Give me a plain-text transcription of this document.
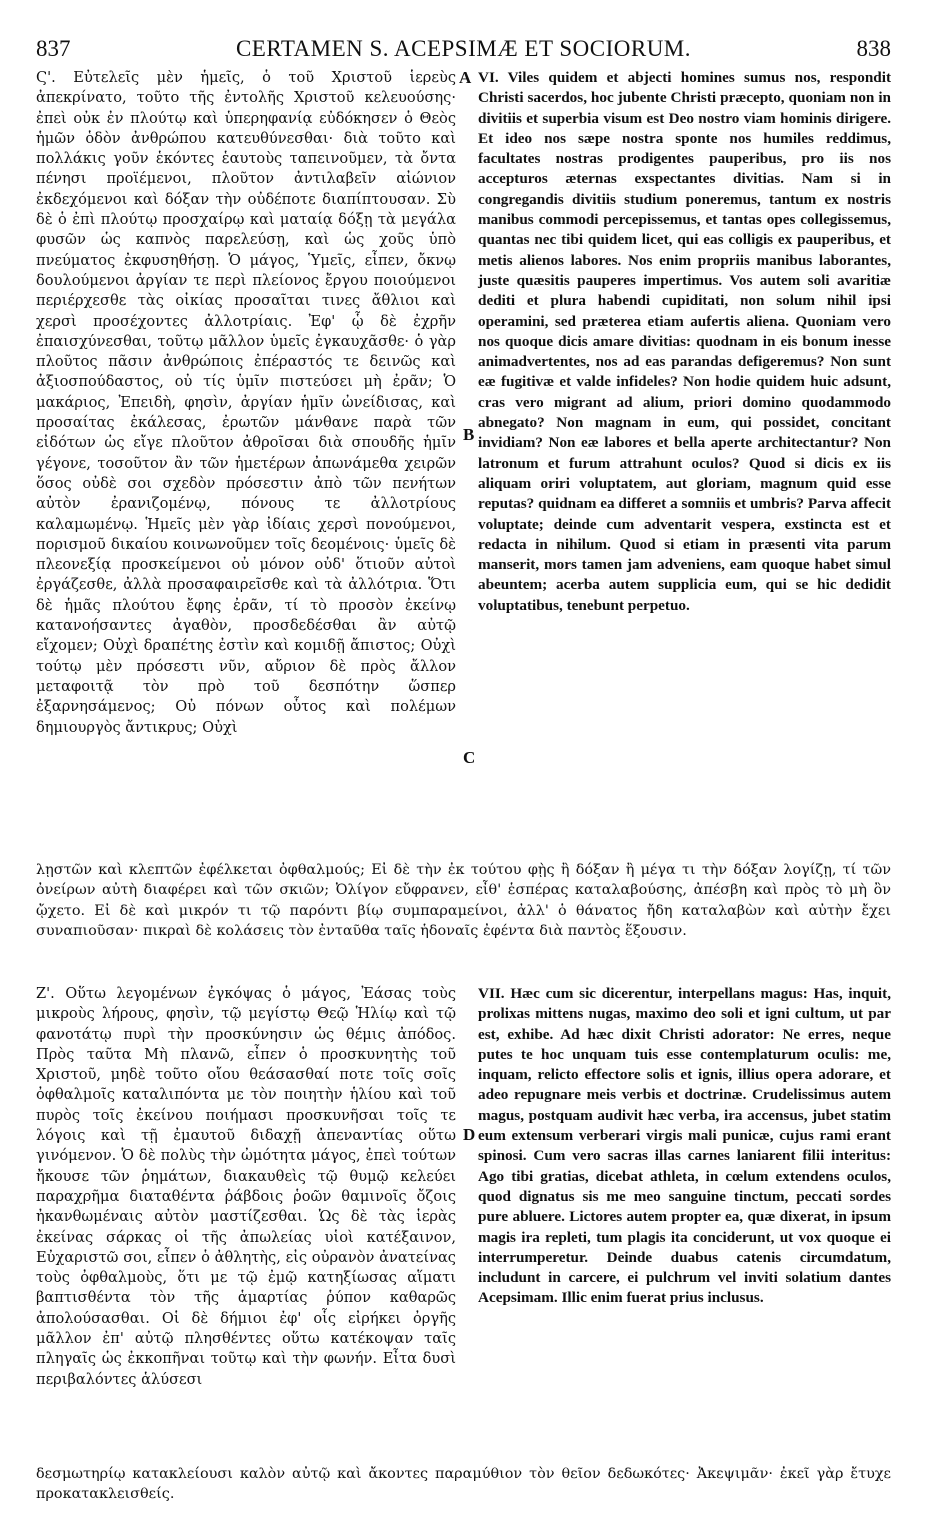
837	CERTAMEN S. ACEPSIMÆ ET SOCIORUM.	838

Ϛ'. Εὐτελεῖς μὲν ἡμεῖς, ὁ τοῦ Χριστοῦ ἱερεὺς ἀπεκρίνατο, τοῦτο τῆς ἐντολῆς Χριστοῦ κελευούσης· ἐπεὶ οὐκ ἐν πλούτῳ καὶ ὑπερηφανίᾳ εὐδόκησεν ὁ Θεὸς ἡμῶν ὁδὸν ἀνθρώπου κατευθύνεσθαι· διὰ τοῦτο καὶ πολλάκις γοῦν ἑκόντες ἑαυτοὺς ταπεινοῦμεν, τὰ ὄντα πένησι προϊέμενοι, πλοῦτον ἀντιλαβεῖν αἰώνιον ἐκδεχόμενοι καὶ δόξαν τὴν οὐδέποτε διαπίπτουσαν. Σὺ δὲ ὁ ἐπὶ πλούτῳ προσχαίρῳ καὶ ματαίᾳ δόξῃ τὰ μεγάλα φυσῶν ὡς καπνὸς παρελεύσῃ, καὶ ὡς χοῦς ὑπὸ πνεύματος ἐκφυσηθήσῃ. Ὁ μάγος, Ὑμεῖς, εἶπεν, ὄκνῳ δουλούμενοι ἀργίαν τε περὶ πλείονος ἔργου ποιούμενοι περιέρχεσθε τὰς οἰκίας προσαῖται τινες ἄθλιοι καὶ χερσὶ προσέχοντες ἀλλοτρίαις. Ἐφ' ᾧ δὲ ἐχρῆν ἐπαισχύνεσθαι, τοῦτῳ μᾶλλον ὑμεῖς ἐγκαυχᾶσθε· ὁ γὰρ πλοῦτος πᾶσιν ἀνθρώποις ἐπέραστός τε δεινῶς καὶ ἀξιοσπούδαστος, οὐ τίς ὑμῖν πιστεύσει μὴ ἐρᾶν; Ὁ μακάριος, Ἐπειδὴ, φησὶν, ἀργίαν ἡμῖν ὠνείδισας, καὶ προσαίτας ἐκάλεσας, ἐρωτῶν μάνθανε παρὰ τῶν εἰδότων ὡς εἴγε πλοῦτον ἀθροῖσαι διὰ σπουδῆς ἡμῖν γέγονε, τοσοῦτον ἂν τῶν ἡμετέρων ἀπωνάμεθα χειρῶν ὅσος οὐδὲ σοι σχεδὸν πρόσεστιν ἀπὸ τῶν πενήτων αὐτὸν ἐρανιζομένῳ, πόνους τε ἀλλοτρίους καλαμωμένῳ. Ἡμεῖς μὲν γὰρ ἰδίαις χερσὶ πονούμενοι, πορισμοῦ δικαίου κοινωνοῦμεν τοῖς δεομένοις· ὑμεῖς δὲ πλεονεξίᾳ προσκείμενοι οὐ μόνον οὐδ' ὅτιοῦν αὐτοὶ ἐργάζεσθε, ἀλλὰ προσαφαιρεῖσθε καὶ τὰ ἀλλότρια. Ὅτι δὲ ἡμᾶς πλούτου ἔφης ἐρᾶν, τί τὸ προσὸν ἐκείνῳ κατανοήσαντες ἀγαθὸν, προσδεδέσθαι ἂν αὐτῷ εἴχομεν; Οὐχὶ δραπέτης ἐστὶν καὶ κομιδῇ ἄπιστος; Οὐχὶ τούτῳ μὲν πρόσεστι νῦν, αὔριον δὲ πρὸς ἄλλον μεταφοιτᾷ τὸν πρὸ τοῦ δεσπότην ὥσπερ ἐξαρνησάμενος; Οὐ πόνων οὗτος καὶ πολέμων δημιουργὸς ἄντικρυς; Οὐχὶ

VI. Viles quidem et abjecti homines sumus nos, respondit Christi sacerdos, hoc jubente Christi præcepto, quoniam non in divitiis et superbia visum est Deo nostro viam hominis dirigere. Et ideo nos sæpe nostra sponte nos humiles reddimus, facultates nostras prodigentes pauperibus, pro iis nos accepturos æternas exspectantes divitias. Nam si in congregandis divitiis studium poneremus, tantum ex nostris manibus commodi percepissemus, et tantas opes collegissemus, quantas nec tibi quidem licet, qui eas colligis ex pauperibus, et metis alienos labores. Nos enim propriis manibus laborantes, juste quæsitis pauperes impertimus. Vos autem soli avaritiæ dediti et plura habendi cupiditati, non solum nihil ipsi operamini, sed præterea etiam aufertis aliena. Quoniam vero nos quoque dicis amare divitias: quodnam in eis bonum inesse animadvertentes, nos ad eas parandas defigeremus? Non sunt eæ fugitivæ et valde infideles? Non hodie quidem huic adsunt, cras vero migrant ad alium, priori domino quodammodo abnegato? Non magnam in eum, qui possidet, concitant invidiam? Non eæ labores et bella aperte architectantur? Non latronum et furum attrahunt oculos? Quod si dicis ex iis aliquam oriri voluptatem, aut gloriam, magnum quid esse reputas? quidnam ea differet a somniis et umbris? Parva affecit voluptate; deinde cum adventarit vespera, exstincta est et redacta in nihilum. Quod si etiam in præsenti vita parum manserit, mors tamen jam adveniens, eam quoque habet simul abeuntem; acerba autem supplicia eum, qui se hic dedidit voluptatibus, tenebunt perpetuo.

A
B
C
D

λῃστῶν καὶ κλεπτῶν ἐφέλκεται ὀφθαλμούς; Εἰ δὲ τὴν ἐκ τούτου φῂς ἢ δόξαν ἢ μέγα τι τὴν δόξαν λογίζῃ, τί τῶν ὀνείρων αὐτὴ διαφέρει καὶ τῶν σκιῶν; Ὀλίγον εὔφρανεν, εἶθ' ἑσπέρας καταλαβούσης, ἀπέσβη καὶ πρὸς τὸ μὴ ὂν ᾤχετο. Εἰ δὲ καὶ μικρόν τι τῷ παρόντι βίῳ συμπαραμείνοι, ἀλλ' ὁ θάνατος ἤδη καταλαβὼν καὶ αὐτὴν ἔχει συναπιοῦσαν· πικραὶ δὲ κολάσεις τὸν ἐνταῦθα ταῖς ἡδοναῖς ἐφέντα διὰ παντὸς ἕξουσιν.

Ζ'. Οὕτω λεγομένων ἐγκόψας ὁ μάγος, Ἐάσας τοὺς μικροὺς λήρους, φησὶν, τῷ μεγίστῳ Θεῷ Ἡλίῳ καὶ τῷ φανοτάτῳ πυρὶ τὴν προσκύνησιν ὡς θέμις ἀπόδος. Πρὸς ταῦτα Μὴ πλανῶ, εἶπεν ὁ προσκυνητὴς τοῦ Χριστοῦ, μηδὲ τοῦτο οἴου θεάσασθαί ποτε τοῖς σοῖς ὀφθαλμοῖς καταλιπόντα με τὸν ποιητὴν ἡλίου καὶ τοῦ πυρὸς τοῖς ἐκείνου ποιήμασι προσκυνῆσαι τοῖς τε λόγοις καὶ τῇ ἐμαυτοῦ διδαχῇ ἀπεναντίας οὕτω γινόμενον. Ὁ δὲ πολὺς τὴν ὠμότητα μάγος, ἐπεὶ τούτων ἤκουσε τῶν ῥημάτων, διακαυθεὶς τῷ θυμῷ κελεύει παραχρῆμα διαταθέντα ῥάβδοις ῥοῶν θαμινοῖς ὄζοις ἠκανθωμέναις αὐτὸν μαστίζεσθαι. Ὡς δὲ τὰς ἱερὰς ἐκείνας σάρκας οἱ τῆς ἀπωλείας υἱοὶ κατέξαινον, Εὐχαριστῶ σοι, εἶπεν ὁ ἀθλητὴς, εἰς οὐρανὸν ἀνατείνας τοὺς ὀφθαλμοὺς, ὅτι με τῷ ἐμῷ κατηξίωσας αἵματι βαπτισθέντα τὸν τῆς ἁμαρτίας ῥύπον καθαρῶς ἀπολούσασθαι. Οἱ δὲ δήμιοι ἐφ' οἷς εἰρήκει ὀργῆς μᾶλλον ἐπ' αὐτῷ πλησθέντες οὕτω κατέκοψαν ταῖς πληγαῖς ὡς ἐκκοπῆναι τοῦτῳ καὶ τὴν φωνήν. Εἶτα δυσὶ περιβαλόντες ἁλύσεσι

VII. Hæc cum sic dicerentur, interpellans magus: Has, inquit, prolixas mittens nugas, maximo deo soli et igni cultum, ut par est, exhibe. Ad hæc dixit Christi adorator: Ne erres, neque putes te hoc unquam tuis esse contemplaturum oculis: me, inquam, relicto effectore solis et ignis, illius opera adorare, et adeo repugnare meis verbis et doctrinæ. Crudelissimus autem magus, postquam audivit hæc verba, ira accensus, jubet statim eum extensum verberari virgis mali punicæ, cujus rami erant spinosi. Cum vero sacras illas carnes laniarent filii interitus: Ago tibi gratias, dicebat athleta, in cœlum extendens oculos, quod dignatus sis me meo sanguine tinctum, peccati sordes pure abluere. Lictores autem propter ea, quæ dixerat, in ipsum magis ira repleti, tum plagis ita conciderunt, ut vox quoque ei interrumperetur. Deinde duabus catenis circumdatum, includunt in carcere, ei pulchrum vel inviti solatium dantes Acepsimam. Illic enim fuerat prius inclusus.

δεσμωτηρίῳ κατακλείουσι καλὸν αὐτῷ καὶ ἄκοντες παραμύθιον τὸν θεῖον δεδωκότες· Ἀκεψιμᾶν· ἐκεῖ γὰρ ἔτυχε προκατακλεισθείς.
